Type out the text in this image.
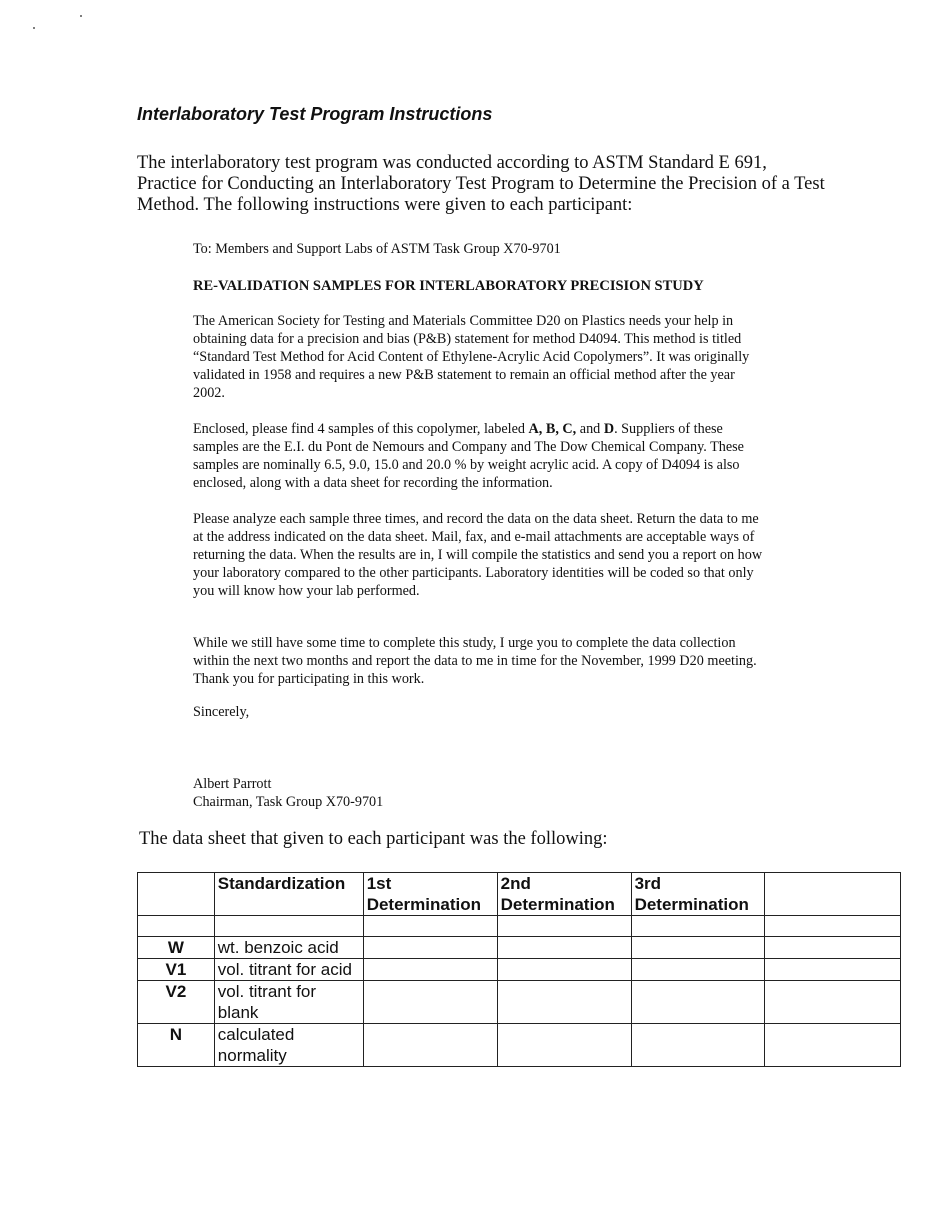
Interlaboratory Test Program Instructions

The interlaboratory test program was conducted according to ASTM Standard E 691, Practice for Conducting an Interlaboratory Test Program to Determine the Precision of a Test Method. The following instructions were given to each participant:

To: Members and Support Labs of ASTM Task Group X70-9701

RE-VALIDATION SAMPLES FOR INTERLABORATORY PRECISION STUDY

The American Society for Testing and Materials Committee D20 on Plastics needs your help in obtaining data for a precision and bias (P&B) statement for method D4094. This method is titled “Standard Test Method for Acid Content of Ethylene-Acrylic Acid Copolymers”. It was originally validated in 1958 and requires a new P&B statement to remain an official method after the year 2002.

Enclosed, please find 4 samples of this copolymer, labeled A, B, C, and D. Suppliers of these samples are the E.I. du Pont de Nemours and Company and The Dow Chemical Company. These samples are nominally 6.5, 9.0, 15.0 and 20.0 % by weight acrylic acid. A copy of D4094 is also enclosed, along with a data sheet for recording the information.

Please analyze each sample three times, and record the data on the data sheet. Return the data to me at the address indicated on the data sheet. Mail, fax, and e-mail attachments are acceptable ways of returning the data. When the results are in, I will compile the statistics and send you a report on how your laboratory compared to the other participants. Laboratory identities will be coded so that only you will know how your lab performed.

While we still have some time to complete this study, I urge you to complete the data collection within the next two months and report the data to me in time for the November, 1999 D20 meeting. Thank you for participating in this work.

Sincerely,

Albert Parrott

Chairman, Task Group X70-9701

The data sheet that given to each participant was the following:

	Standardization	1st Determination	2nd Determination	3rd Determination	

W	wt. benzoic acid				
V1	vol. titrant for acid				
V2	vol. titrant for blank				
N	calculated normality				
